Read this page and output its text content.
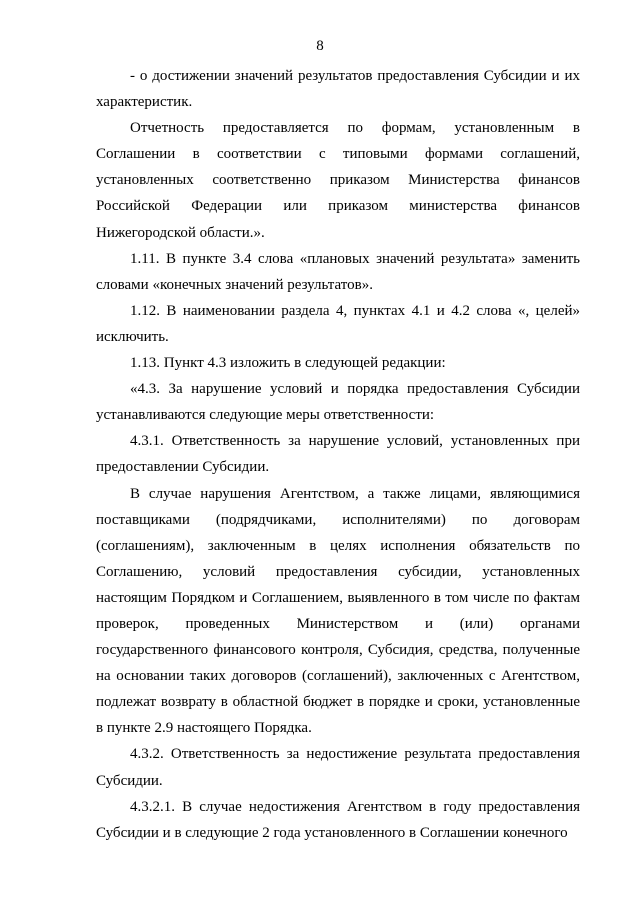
8
- о достижении значений результатов предоставления Субсидии и их
характеристик.
Отчетность предоставляется по формам, установленным в
Соглашении в соответствии с типовыми формами соглашений,
установленных соответственно приказом Министерства финансов
Российской Федерации или приказом министерства финансов
Нижегородской области.».
1.11. В пункте 3.4 слова «плановых значений результата» заменить
словами «конечных значений результатов».
1.12. В наименовании раздела 4, пунктах 4.1 и 4.2 слова «, целей»
исключить.
1.13. Пункт 4.3 изложить в следующей редакции:
«4.3. За нарушение условий и порядка предоставления Субсидии
устанавливаются следующие меры ответственности:
4.3.1. Ответственность за нарушение условий, установленных при
предоставлении Субсидии.
В случае нарушения Агентством, а также лицами, являющимися
поставщиками (подрядчиками, исполнителями) по договорам
(соглашениям), заключенным в целях исполнения обязательств по
Соглашению, условий предоставления субсидии, установленных
настоящим Порядком и Соглашением, выявленного в том числе по фактам
проверок, проведенных Министерством и (или) органами
государственного финансового контроля, Субсидия, средства, полученные
на основании таких договоров (соглашений), заключенных с Агентством,
подлежат возврату в областной бюджет в порядке и сроки, установленные
в пункте 2.9 настоящего Порядка.
4.3.2. Ответственность за недостижение результата предоставления
Субсидии.
4.3.2.1. В случае недостижения Агентством в году предоставления
Субсидии и в следующие 2 года установленного в Соглашении конечного
